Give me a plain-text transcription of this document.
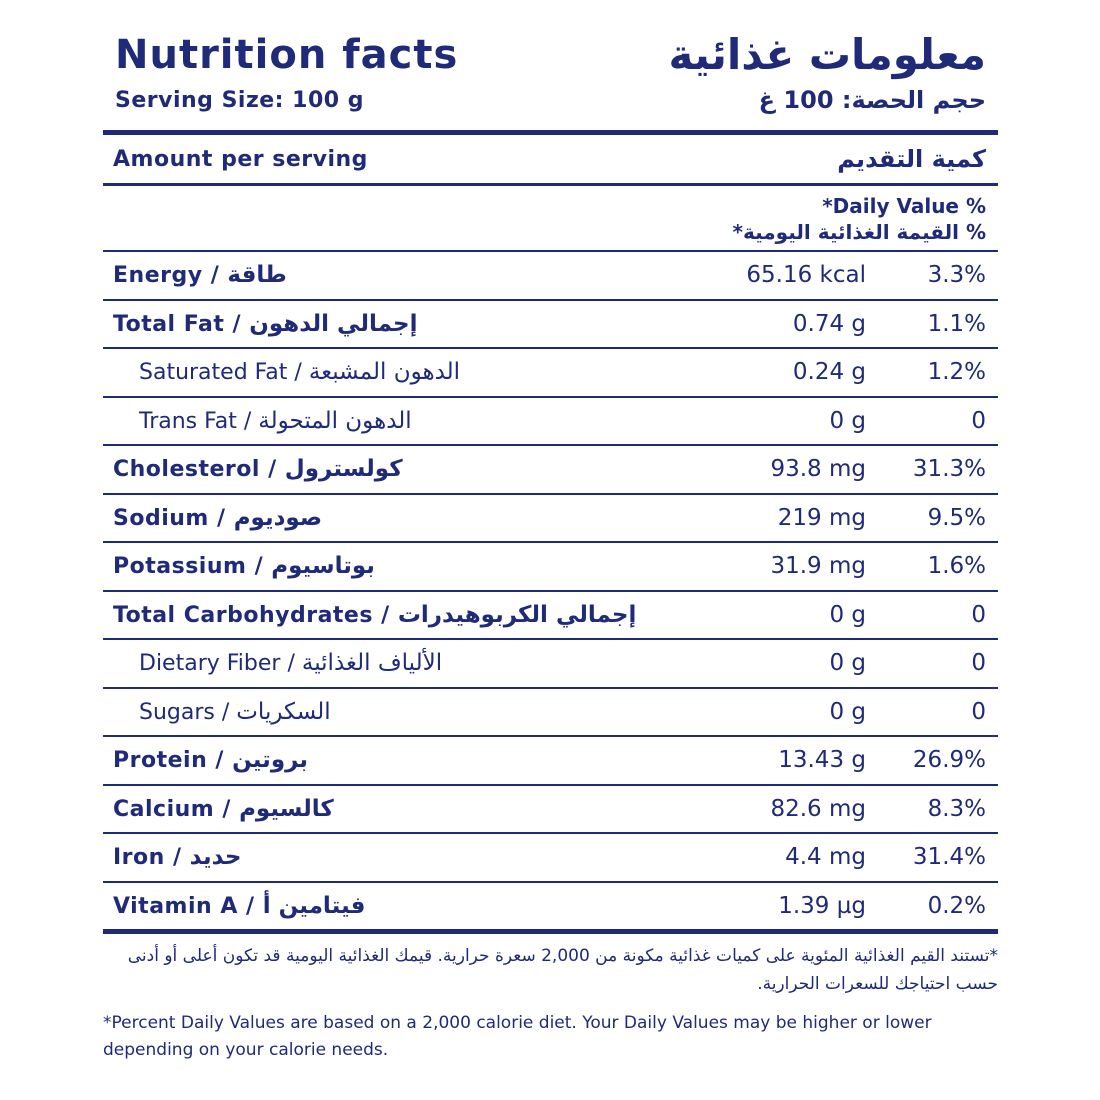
Nutrition facts	معلومات غذائية
Serving Size: 100 g	حجم الحصة: 100 غ
Amount per serving	كمية التقديم
*Daily Value %
% القيمة الغذائية اليومية*
Energy / طاقة	65.16 kcal	3.3%
Total Fat / إجمالي الدهون	0.74 g	1.1%
Saturated Fat / الدهون المشبعة	0.24 g	1.2%
Trans Fat / الدهون المتحولة	0 g	0
Cholesterol / كولسترول	93.8 mg 31.3%
Sodium / صوديوم	219 mg	9.5%
Potassium / بوتاسيوم	31.9 mg	1.6%
Total Carbohydrates / إجمالي الكربوهيدرات	0 g	0
Dietary Fiber / الألياف الغذائية	0 g	0
Sugars / السكريات	0 g	0
Protein / بروتين	13.43 g 26.9%
Calcium / كالسيوم	82.6 mg	8.3%
Iron / حديد	4.4 mg 31.4%
Vitamin A / فيتامين أ	1.39 µg	0.2%
*تستند القيم الغذائية المئوية على كميات غذائية مكونة من 2,000 سعرة حرارية. قيمك الغذائية اليومية قد تكون أعلى أو أدنى حسب احتياجك للسعرات الحرارية.
*Percent Daily Values are based on a 2,000 calorie diet. Your Daily Values may be higher or lower depending on your calorie needs.
